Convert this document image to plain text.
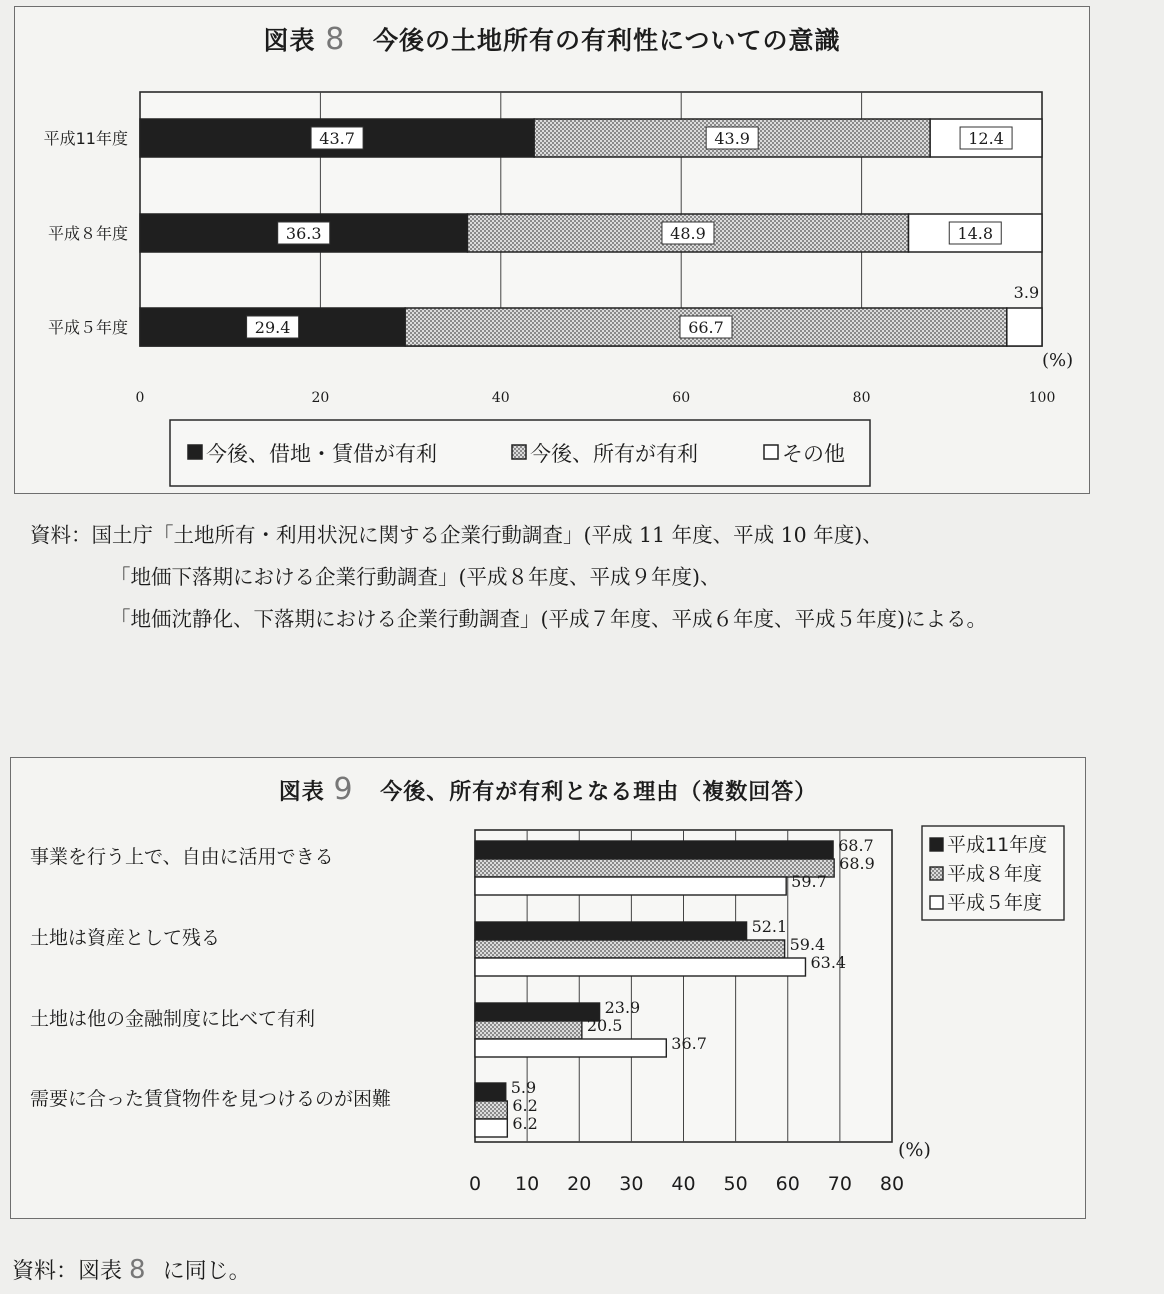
図表 8 今後の土地所有の有利性についての意識
資料：国土庁「土地所有・利用状況に関する企業行動調査」(平成 11 年度、平成 10 年度)、
「地価下落期における企業行動調査」(平成８年度、平成９年度)、
「地価沈静化、下落期における企業行動調査」(平成７年度、平成６年度、平成５年度)による。
図表 9 今後、所有が有利となる理由（複数回答）
資料：図表 8 に同じ。
0	20	40	60	80	100
(%)
平成11年度	43.7	43.9	12.4
平成８年度	36.3	48.9	14.8
平成５年度	29.4	66.7
3.9
今後、借地・賃借が有利	今後、所有が有利	その他
0 10 20 30 40 50 60 70 80
(%)
事業を行う上で、自由に活用できる
68.7
68.9
59.7
土地は資産として残る
52.1
59.4
63.4
土地は他の金融制度に比べて有利
23.9
20.5
36.7
需要に合った賃貸物件を見つけるのが困難
5.9
6.2
6.2
平成11年度
平成８年度
平成５年度
